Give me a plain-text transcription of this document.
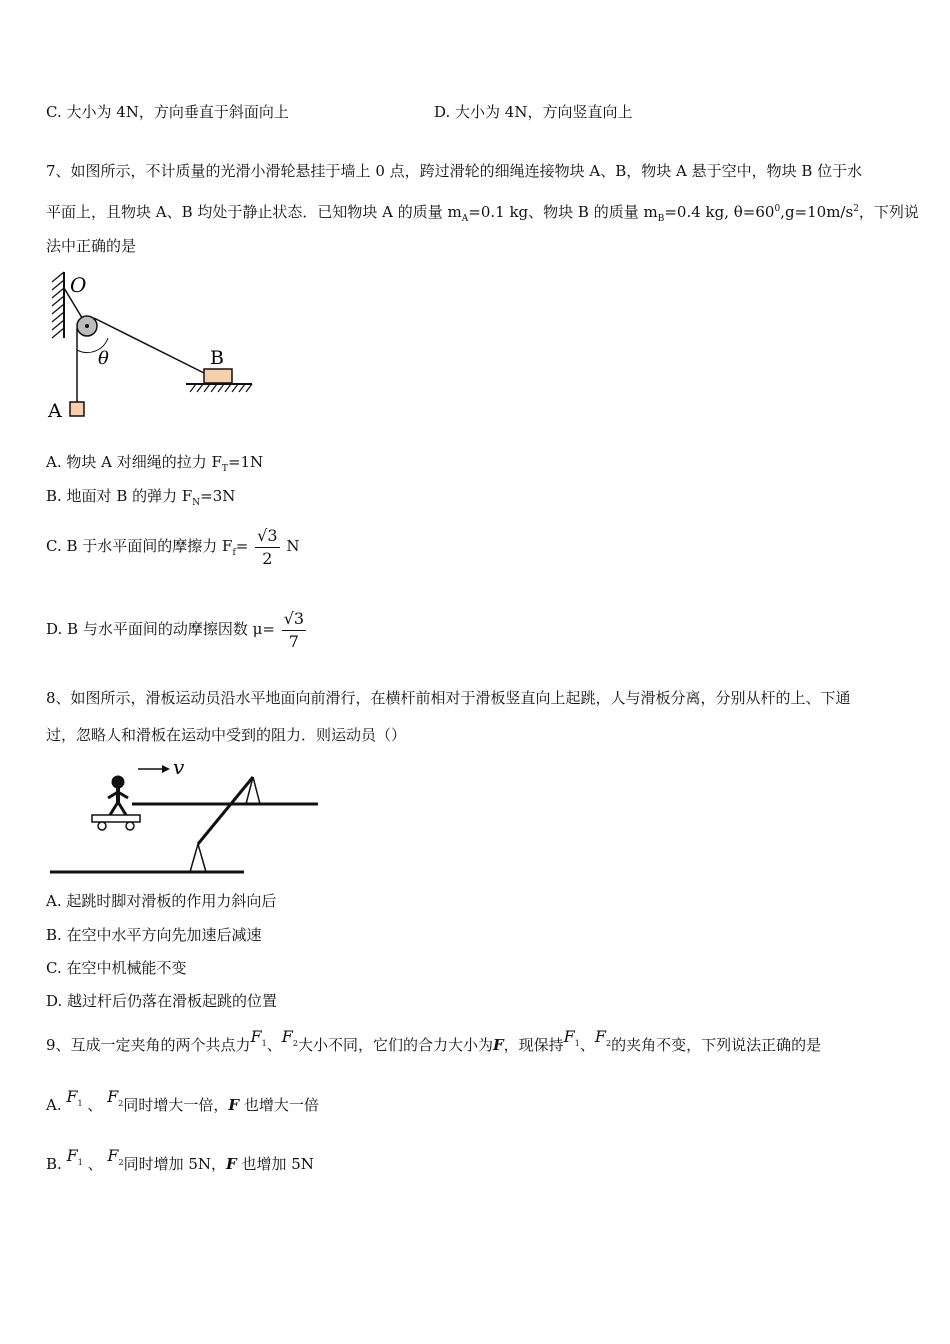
C. 大小为 4N，方向垂直于斜面向上	D. 大小为 4N，方向竖直向上
7、如图所示，不计质量的光滑小滑轮悬挂于墙上 0 点，跨过滑轮的细绳连接物块 A、B，物块 A 悬于空中，物块 B 位于水
平面上，且物块 A、B 均处于静止状态．已知物块 A 的质量 $m_A=0.1$ kg、物块 B 的质量 $m_B=0.4$ kg, $\theta=60^0,g=10m/s^2$，下列说
法中正确的是
O
θ	B
A
A. 物块 A 对细绳的拉力 $F_T=1N$
B. 地面对 B 的弹力 $F_N=3N$
C. B 于水平面间的摩擦力 $F_f= \frac{√3}{2}$ N
D. B 与水平面间的动摩擦因数 $\mu= \frac{√3}{7}$
8、如图所示，滑板运动员沿水平地面向前滑行，在横杆前相对于滑板竖直向上起跳，人与滑板分离，分别从杆的上、下通
过，忽略人和滑板在运动中受到的阻力．则运动员（）
v
A. 起跳时脚对滑板的作用力斜向后
B. 在空中水平方向先加速后减速
C. 在空中机械能不变
D. 越过杆后仍落在滑板起跳的位置
9、互成一定夹角的两个共点力$F_1$、$F_2$大小不同，它们的合力大小为F，现保持$F_1$、$F_2$的夹角不变，下列说法正确的是
A. $F_1$ 、 $F_2$同时增大一倍，F 也增大一倍
B. $F_1$ 、 $F_2$同时增加 5N，F 也增加 5N
